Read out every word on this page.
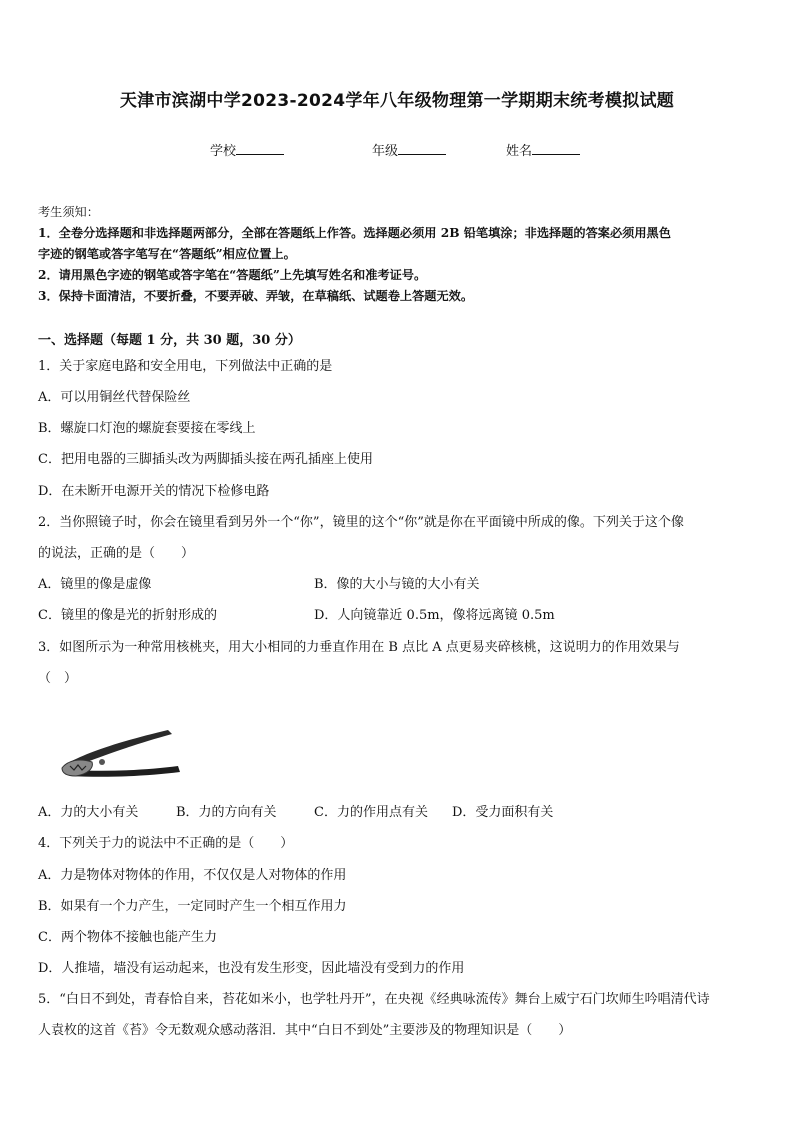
天津市滨湖中学2023-2024学年八年级物理第一学期期末统考模拟试题
学校	年级	姓名
考生须知：
1．全卷分选择题和非选择题两部分，全部在答题纸上作答。选择题必须用 2B 铅笔填涂；非选择题的答案必须用黑色
字迹的钢笔或答字笔写在“答题纸”相应位置上。
2．请用黑色字迹的钢笔或答字笔在“答题纸”上先填写姓名和准考证号。
3．保持卡面清洁，不要折叠，不要弄破、弄皱，在草稿纸、试题卷上答题无效。
一、选择题（每题 1 分，共 30 题，30 分）
1．关于家庭电路和安全用电，下列做法中正确的是
A．可以用铜丝代替保险丝
B．螺旋口灯泡的螺旋套要接在零线上
C．把用电器的三脚插头改为两脚插头接在两孔插座上使用
D．在未断开电源开关的情况下检修电路
2．当你照镜子时，你会在镜里看到另外一个“你”，镜里的这个“你”就是你在平面镜中所成的像。下列关于这个像
的说法，正确的是（　　）
A．镜里的像是虚像	B．像的大小与镜的大小有关
C．镜里的像是光的折射形成的	D．人向镜靠近 0.5m，像将远离镜 0.5m
3．如图所示为一种常用核桃夹，用大小相同的力垂直作用在 B 点比 A 点更易夹碎核桃，这说明力的作用效果与
（　）
A．力的大小有关	B．力的方向有关	C．力的作用点有关 D．受力面积有关
4．下列关于力的说法中不正确的是（　　）
A．力是物体对物体的作用，不仅仅是人对物体的作用
B．如果有一个力产生，一定同时产生一个相互作用力
C．两个物体不接触也能产生力
D．人推墙，墙没有运动起来，也没有发生形变，因此墙没有受到力的作用
5．“白日不到处，青春恰自来，苔花如米小，也学牡丹开”，在央视《经典咏流传》舞台上威宁石门坎师生吟唱清代诗
人袁枚的这首《苔》令无数观众感动落泪．其中“白日不到处”主要涉及的物理知识是（　　）
